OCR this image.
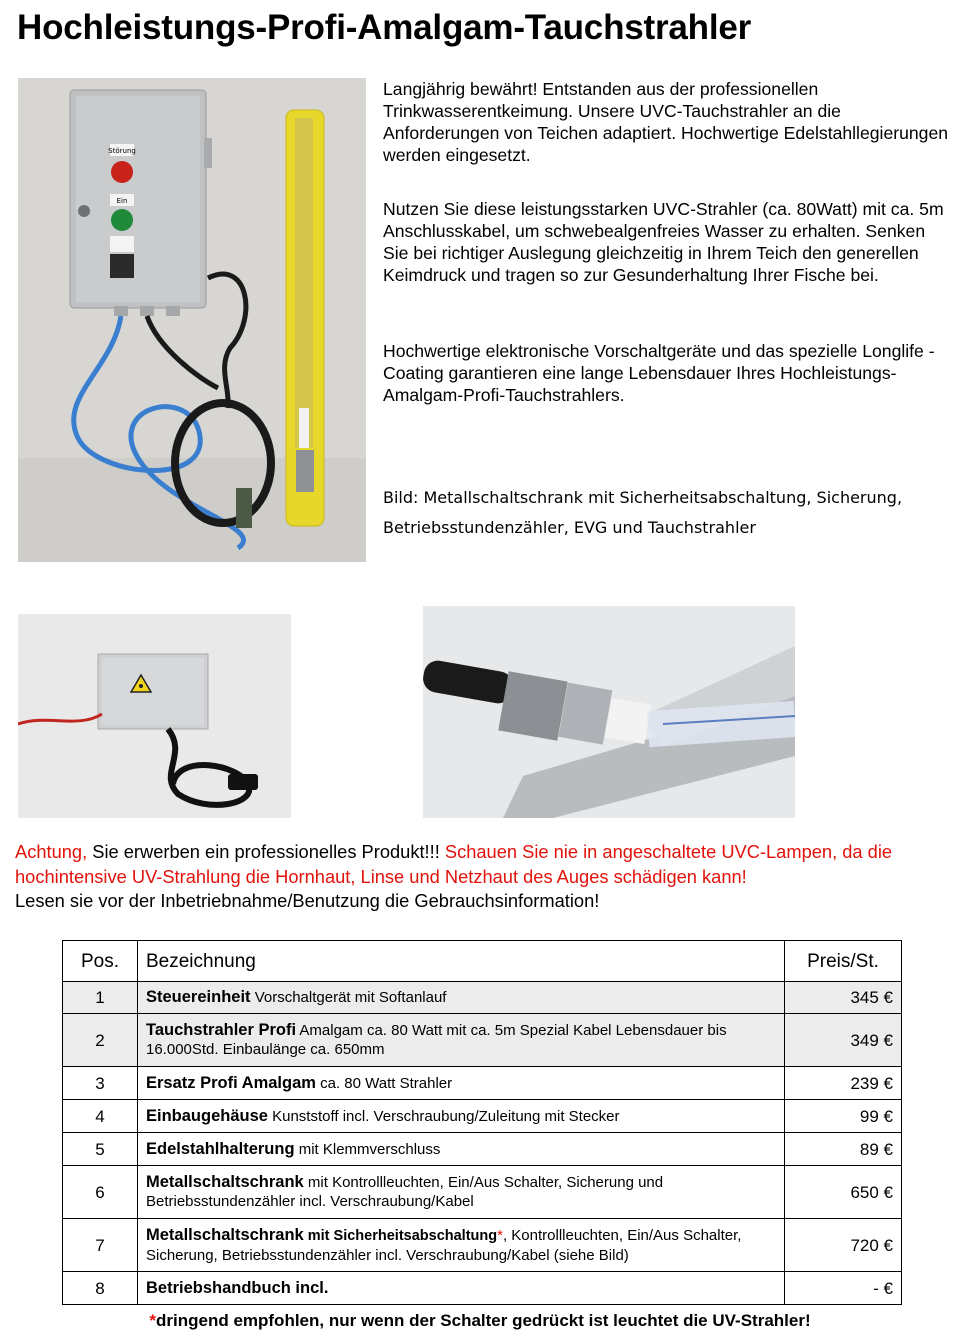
Hochleistungs-Profi-Amalgam-Tauchstrahler
Störung
Ein
Langjährig bewährt! Entstanden aus der professionellen Trinkwasserentkeimung. Unsere UVC-Tauchstrahler an die Anforderungen von Teichen adaptiert. Hochwertige Edelstahllegierungen werden eingesetzt.
Nutzen Sie diese leistungsstarken UVC-Strahler (ca. 80Watt) mit ca. 5m Anschlusskabel, um schwebealgenfreies Wasser zu erhalten. Senken Sie bei richtiger Auslegung gleichzeitig in Ihrem Teich den generellen Keimdruck und tragen so zur Gesunderhaltung Ihrer Fische bei.
Hochwertige elektronische Vorschaltgeräte und das spezielle Longlife - Coating garantieren eine lange Lebensdauer Ihres Hochleistungs-Amalgam-Profi-Tauchstrahlers.
Bild: Metallschaltschrank mit Sicherheitsabschaltung, Sicherung, Betriebsstundenzähler, EVG und Tauchstrahler
Achtung, Sie erwerben ein professionelles Produkt!!! Schauen Sie nie in angeschaltete UVC-Lampen, da die hochintensive UV-Strahlung die Hornhaut, Linse und Netzhaut des Auges schädigen kann!
Lesen sie vor der Inbetriebnahme/Benutzung die Gebrauchsinformation!
Pos.	Bezeichnung	Preis/St.
1	Steuereinheit Vorschaltgerät mit Softanlauf	345 €
2	Tauchstrahler Profi Amalgam ca. 80 Watt mit ca. 5m Spezial Kabel Lebensdauer bis 16.000Std. Einbaulänge ca. 650mm	349 €
3	Ersatz Profi Amalgam ca. 80 Watt Strahler	239 €
4	Einbaugehäuse Kunststoff incl. Verschraubung/Zuleitung mit Stecker	99 €
5	Edelstahlhalterung mit Klemmverschluss	89 €
6	Metallschaltschrank mit Kontrollleuchten, Ein/Aus Schalter, Sicherung und Betriebsstundenzähler incl. Verschraubung/Kabel	650 €
7	Metallschaltschrank mit Sicherheitsabschaltung*, Kontrollleuchten, Ein/Aus Schalter, Sicherung, Betriebsstundenzähler incl. Verschraubung/Kabel (siehe Bild)	720 €
8	Betriebshandbuch incl.	- €
*dringend empfohlen, nur wenn der Schalter gedrückt ist leuchtet die UV-Strahler!
